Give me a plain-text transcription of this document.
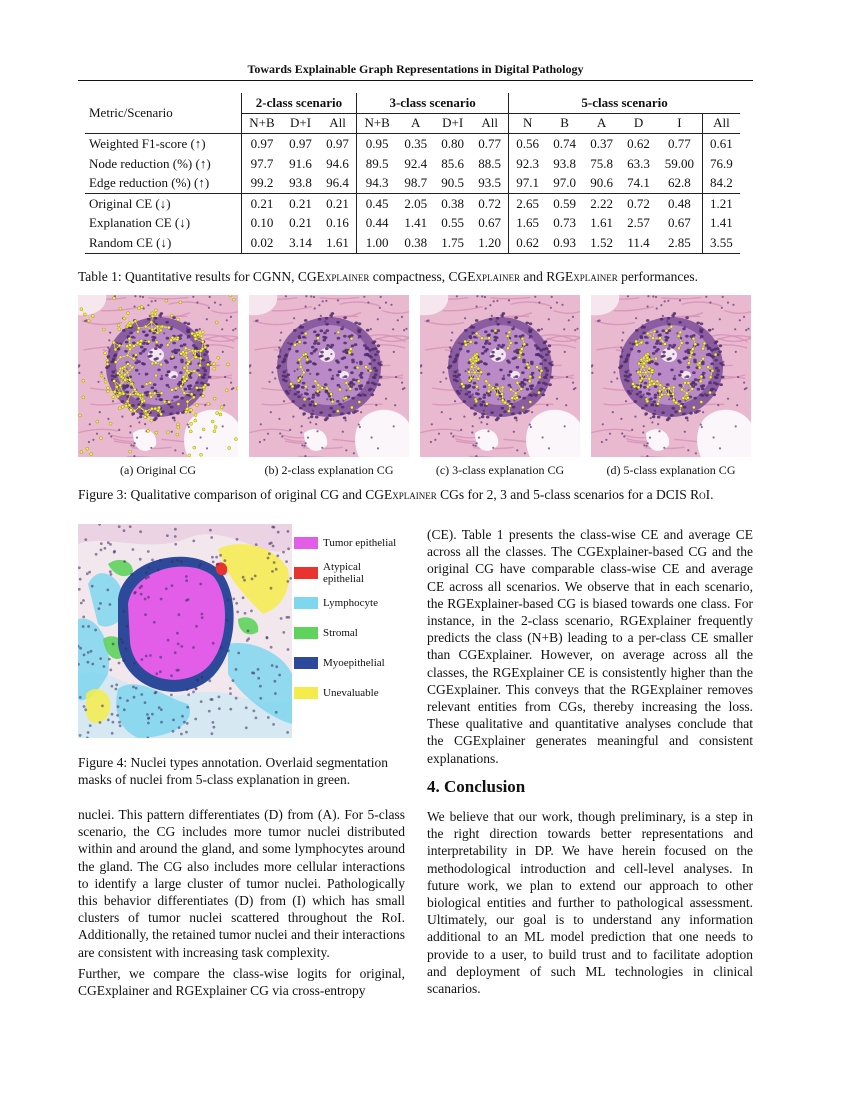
Towards Explainable Graph Representations in Digital Pathology
Metric/Scenario	2-class scenario			3-class scenario				5-class scenario					
	N+B	D+I	All	N+B	A	D+I	All	N	B	A	D	I	All
Weighted F1-score (↑)	0.97	0.97	0.97	0.95	0.35	0.80	0.77	0.56	0.74	0.37	0.62	0.77	0.61
Node reduction (%) (↑)	97.7	91.6	94.6	89.5	92.4	85.6	88.5	92.3	93.8	75.8	63.3	59.00	76.9
Edge reduction (%) (↑)	99.2	93.8	96.4	94.3	98.7	90.5	93.5	97.1	97.0	90.6	74.1	62.8	84.2
Original CE (↓)	0.21	0.21	0.21	0.45	2.05	0.38	0.72	2.65	0.59	2.22	0.72	0.48	1.21
Explanation CE (↓)	0.10	0.21	0.16	0.44	1.41	0.55	0.67	1.65	0.73	1.61	2.57	0.67	1.41
Random CE (↓)	0.02	3.14	1.61	1.00	0.38	1.75	1.20	0.62	0.93	1.52	11.4	2.85	3.55
Table 1: Quantitative results for CGNN, CGExplainer compactness, CGExplainer and RGExplainer performances.
(a) Original CG	(b) 2-class explanation CG	(c) 3-class explanation CG	(d) 5-class explanation CG
Figure 3: Qualitative comparison of original CG and CGExplainer CGs for 2, 3 and 5-class scenarios for a DCIS RoI.
Tumor epithelial
Atypical epithelial
Lymphocyte
Stromal
Myoepithelial
Unevaluable
Figure 4: Nuclei types annotation. Overlaid segmentation
masks of nuclei from 5-class explanation in green.
nuclei. This pattern differentiates (D) from (A). For 5-class scenario, the CG includes more tumor nuclei distributed within and around the gland, and some lymphocytes around the gland. The CG also includes more cellular interactions to identify a large cluster of tumor nuclei. Pathologically this behavior differentiates (D) from (I) which has small clusters of tumor nuclei scattered throughout the RoI. Additionally, the retained tumor nuclei and their interactions are consistent with increasing task complexity.
Further, we compare the class-wise logits for original, CGExplainer and RGExplainer CG via cross-entropy
(CE). Table 1 presents the class-wise CE and average CE across all the classes. The CGExplainer-based CG and the original CG have comparable class-wise CE and average CE across all scenarios. We observe that in each scenario, the RGExplainer-based CG is biased towards one class. For instance, in the 2-class scenario, RGExplainer frequently predicts the class (N+B) leading to a per-class CE smaller than CGExplainer. However, on average across all the classes, the RGExplainer CE is consistently higher than the CGExplainer. This conveys that the RGExplainer removes relevant entities from CGs, thereby increasing the loss. These qualitative and quantitative analyses conclude that the CGExplainer generates meaningful and consistent explanations.
4. Conclusion
We believe that our work, though preliminary, is a step in the right direction towards better representations and interpretability in DP. We have herein focused on the methodological introduction and cell-level analyses. In future work, we plan to extend our approach to other biological entities and further to pathological assessment. Ultimately, our goal is to understand any information additional to an ML model prediction that one needs to provide to a user, to build trust and to facilitate adoption and deployment of such ML technologies in clinical scanarios.
